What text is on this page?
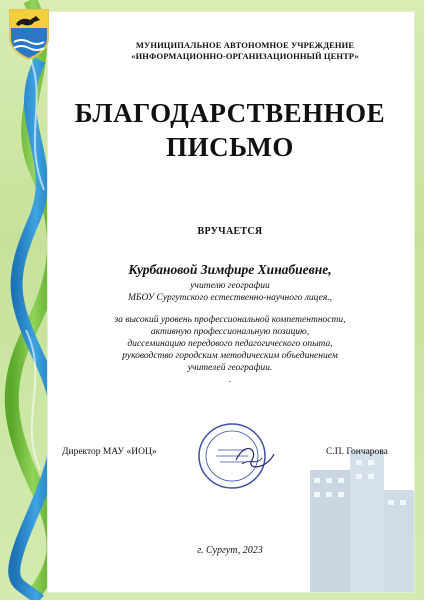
МУНИЦИПАЛЬНОЕ АВТОНОМНОЕ УЧРЕЖДЕНИЕ
«ИНФОРМАЦИОННО-ОРГАНИЗАЦИОННЫЙ ЦЕНТР»
БЛАГОДАРСТВЕННОЕ
ПИСЬМО
ВРУЧАЕТСЯ
Курбановой Зимфире Хинабиевне,
учителю географии
МБОУ Сургутского естественно-научного лицея.,
за высокий уровень профессиональной компетентности,
активную профессиональную позицию,
диссеминацию передового педагогического опыта,
руководство городским методическим объединением
учителей географии.
.
Директор МАУ «ИОЦ»	С.П. Гончарова
г. Сургут, 2023
